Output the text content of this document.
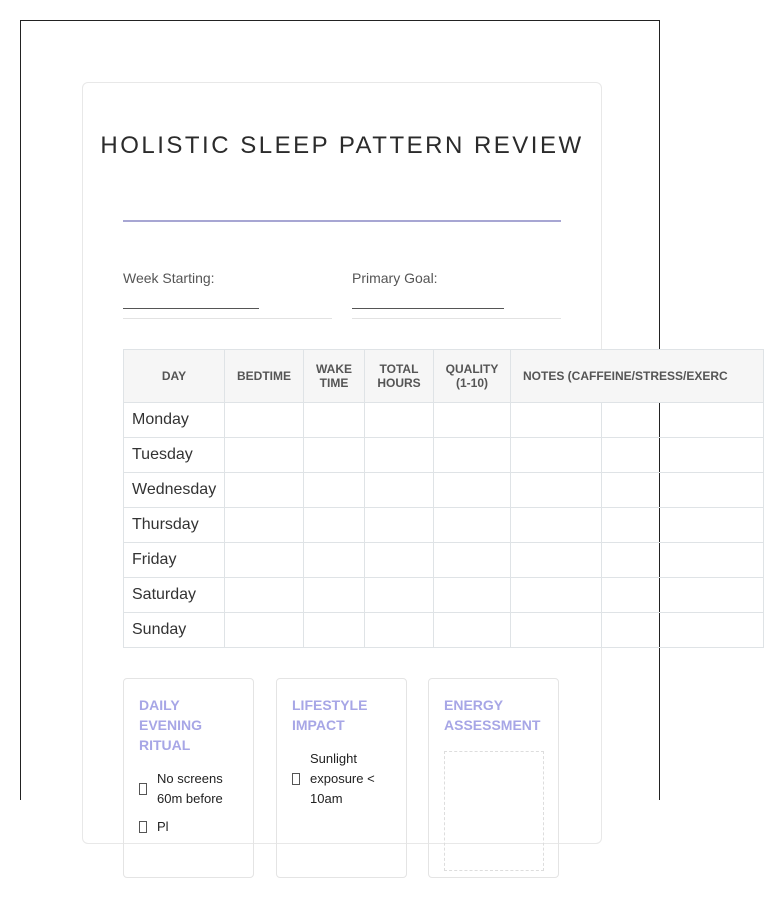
HOLISTIC SLEEP PATTERN REVIEW
Week Starting:	Primary Goal:
DAY	BEDTIME	WAKE TIME	TOTAL HOURS	QUALITY (1-10)	NOTES (CAFFEINE/STRESS/EXERC	
Monday						
Tuesday						
Wednesday						
Thursday						
Friday						
Saturday						
Sunday						
DAILY EVENING RITUAL
No screens 60m before
Pl
LIFESTYLE IMPACT
Sunlight exposure < 10am
ENERGY ASSESSMENT
